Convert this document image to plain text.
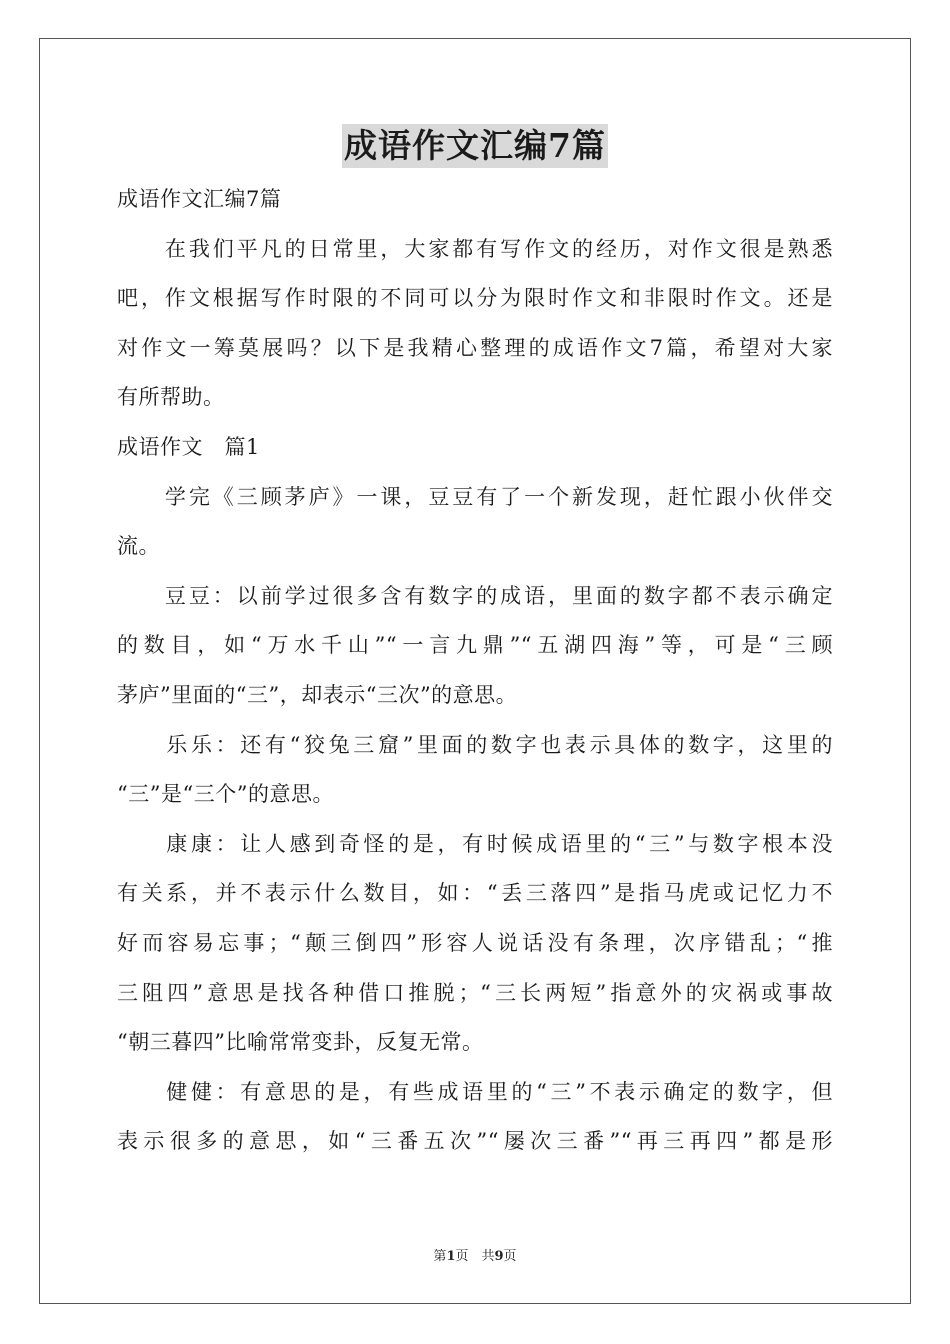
成语作文汇编7篇
成语作文汇编7篇
　　在我们平凡的日常里，大家都有写作文的经历，对作文很是熟悉
吧，作文根据写作时限的不同可以分为限时作文和非限时作文。还是
对作文一筹莫展吗？以下是我精心整理的成语作文7篇，希望对大家
有所帮助。
成语作文　篇1
　　学完《三顾茅庐》一课，豆豆有了一个新发现，赶忙跟小伙伴交
流。
　　豆豆：以前学过很多含有数字的成语，里面的数字都不表示确定
的数目，如“万水千山”“一言九鼎”“五湖四海”等，可是“三顾
茅庐”里面的“三”，却表示“三次”的意思。
　　乐乐：还有“狡兔三窟”里面的数字也表示具体的数字，这里的
“三”是“三个”的意思。
　　康康：让人感到奇怪的是，有时候成语里的“三”与数字根本没
有关系，并不表示什么数目，如：“丢三落四”是指马虎或记忆力不
好而容易忘事；“颠三倒四”形容人说话没有条理，次序错乱；“推
三阻四”意思是找各种借口推脱；“三长两短”指意外的灾祸或事故
“朝三暮四”比喻常常变卦，反复无常。
　　健健：有意思的是，有些成语里的“三”不表示确定的数字，但
表示很多的意思，如“三番五次”“屡次三番”“再三再四”都是形
第1页　共9页
